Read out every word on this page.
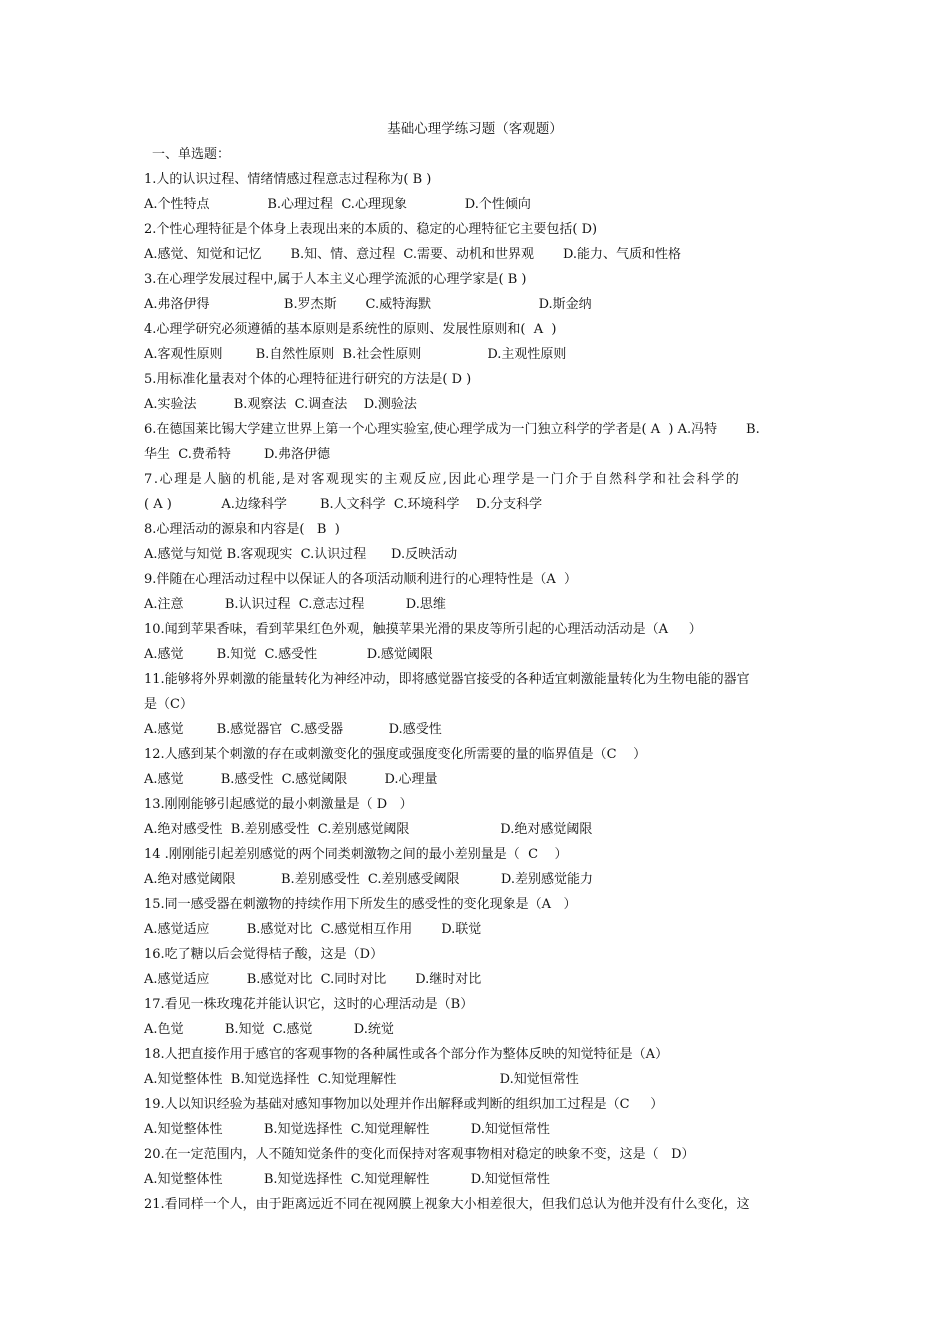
基础心理学练习题（客观题）
一、单选题：
1.人的认识过程、情绪情感过程意志过程称为( B )
A.个性特点              B.心理过程  C.心理现象              D.个性倾向
2.个性心理特征是个体身上表现出来的本质的、稳定的心理特征它主要包括( D)
A.感觉、知觉和记忆       B.知、情、意过程  C.需要、动机和世界观       D.能力、气质和性格
3.在心理学发展过程中,属于人本主义心理学流派的心理学家是( B )
A.弗洛伊得                  B.罗杰斯       C.威特海默                          D.斯金纳
4.心理学研究必须遵循的基本原则是系统性的原则、发展性原则和(  A  )
A.客观性原则        B.自然性原则  B.社会性原则                D.主观性原则
5.用标准化量表对个体的心理特征进行研究的方法是( D )
A.实验法         B.观察法  C.调查法    D.测验法
6.在德国莱比锡大学建立世界上第一个心理实验室,使心理学成为一门独立科学的学者是( A  ) A.冯特       B.
华生  C.费希特        D.弗洛伊德
7.心理是人脑的机能,是对客观现实的主观反应,因此心理学是一门介于自然科学和社会科学的
( A )            A.边缘科学        B.人文科学  C.环境科学    D.分支科学
8.心理活动的源泉和内容是(   B  )
A.感觉与知觉 B.客观现实  C.认识过程      D.反映活动
9.伴随在心理活动过程中以保证人的各项活动顺利进行的心理特性是（A  ）
A.注意          B.认识过程  C.意志过程          D.思维
10.闻到苹果香味，看到苹果红色外观，触摸苹果光滑的果皮等所引起的心理活动活动是（A     ）
A.感觉        B.知觉  C.感受性            D.感觉阈限
11.能够将外界刺激的能量转化为神经冲动，即将感觉器官接受的各种适宜刺激能量转化为生物电能的器官
是（C）
A.感觉        B.感觉器官  C.感受器           D.感受性
12.人感到某个刺激的存在或刺激变化的强度或强度变化所需要的量的临界值是（C    ）
A.感觉         B.感受性  C.感觉阈限         D.心理量
13.刚刚能够引起感觉的最小刺激量是（ D   ）
A.绝对感受性  B.差别感受性  C.差别感觉阈限                      D.绝对感觉阈限
14 .刚刚能引起差别感觉的两个同类刺激物之间的最小差别量是（  C    ）
A.绝对感觉阈限           B.差别感受性  C.差别感受阈限          D.差别感觉能力
15.同一感受器在刺激物的持续作用下所发生的感受性的变化现象是（A   ）
A.感觉适应         B.感觉对比  C.感觉相互作用       D.联觉
16.吃了糖以后会觉得桔子酸，这是（D）
A.感觉适应         B.感觉对比  C.同时对比       D.继时对比
17.看见一株玫瑰花并能认识它，这时的心理活动是（B）
A.色觉          B.知觉  C.感觉          D.统觉
18.人把直接作用于感官的客观事物的各种属性或各个部分作为整体反映的知觉特征是（A）
A.知觉整体性  B.知觉选择性  C.知觉理解性                         D.知觉恒常性
19.人以知识经验为基础对感知事物加以处理并作出解释或判断的组织加工过程是（C     ）
A.知觉整体性          B.知觉选择性  C.知觉理解性          D.知觉恒常性
20.在一定范围内，人不随知觉条件的变化而保持对客观事物相对稳定的映象不变，这是（   D）
A.知觉整体性          B.知觉选择性  C.知觉理解性          D.知觉恒常性
21.看同样一个人，由于距离远近不同在视网膜上视象大小相差很大，但我们总认为他并没有什么变化，这
